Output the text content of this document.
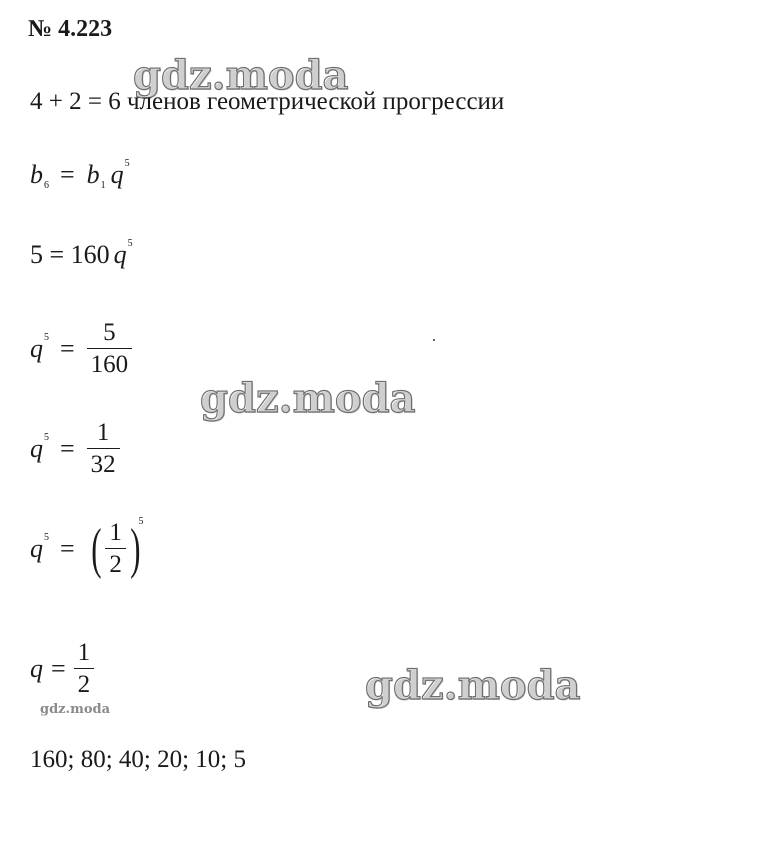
№ 4.223
gdz.moda
4 + 2 = 6 членов геометрической прогрессии
b 6 = b 1 q 5
5 = 160 q 5
q $5 = \frac{5}{160}$
gdz.moda
q $5 = \frac{1}{32}$
q 5 = ( $\frac{1}{2}$ )
5
$q = \frac{1}{2}$	gdz.moda
gdz.moda
160; 80; 40; 20; 10; 5
